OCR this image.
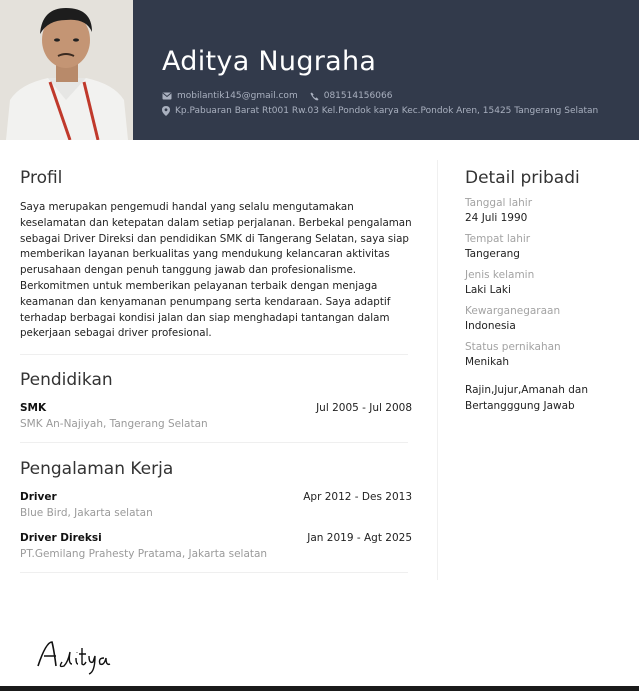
Aditya Nugraha
mobilantik145@gmail.com	081514156066
Kp.Pabuaran Barat Rt001 Rw.03 Kel.Pondok karya Kec.Pondok Aren, 15425 Tangerang Selatan
Profil

Saya merupakan pengemudi handal yang selalu mengutamakan keselamatan dan ketepatan dalam setiap perjalanan. Berbekal pengalaman sebagai Driver Direksi dan pendidikan SMK di Tangerang Selatan, saya siap memberikan layanan berkualitas yang mendukung kelancaran aktivitas perusahaan dengan penuh tanggung jawab dan profesionalisme.

Berkomitmen untuk memberikan pelayanan terbaik dengan menjaga keamanan dan kenyamanan penumpang serta kendaraan. Saya adaptif terhadap berbagai kondisi jalan dan siap menghadapi tantangan dalam pekerjaan sebagai driver profesional.

Pendidikan
SMK	Jul 2005 - Jul 2008
SMK An-Najiyah, Tangerang Selatan
Pengalaman Kerja
Driver	Apr 2012 - Des 2013
Blue Bird, Jakarta selatan
Driver Direksi	Jan 2019 - Agt 2025
PT.Gemilang Prahesty Pratama, Jakarta selatan
Detail pribadi
Tanggal lahir
24 Juli 1990
Tempat lahir
Tangerang
Jenis kelamin
Laki Laki
Kewarganegaraan
Indonesia
Status pernikahan
Menikah
Rajin,Jujur,Amanah dan Bertangggung Jawab
